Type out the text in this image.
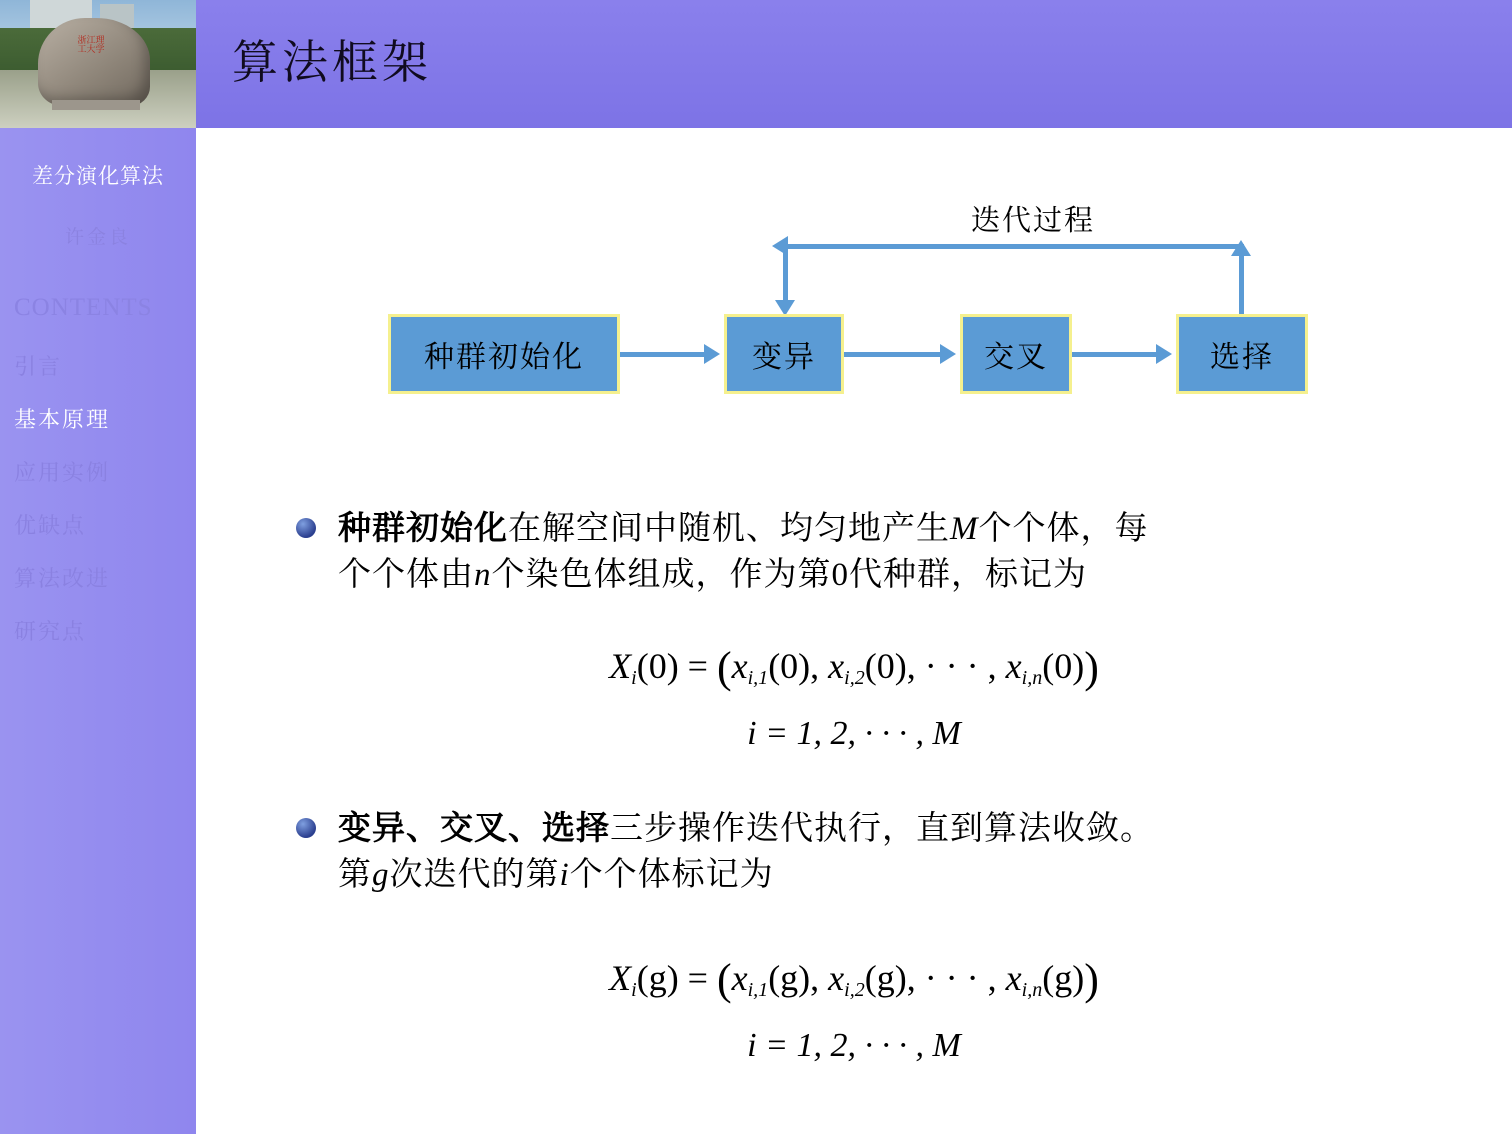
浙江理工大学
差分演化算法
许金良
CONTENTS
引言
基本原理
应用实例
优缺点
算法改进
研究点
算法框架
迭代过程
种群初始化	变异	交叉	选择
种群初始化在解空间中随机、均匀地产生M个个体，每
个个体由n个染色体组成，作为第0代种群，标记为
$X_i(0) = (x_{i,1}(0)$, $x_{i,2}(0)$, · · · , $x_{i,n}(0)$)
i = 1, 2, · · · , M
变异、交叉、选择三步操作迭代执行，直到算法收敛。
第g次迭代的第i个个体标记为
$X_i(g) = (x_{i,1}(g)$, $x_{i,2}(g)$, · · · , $x_{i,n}(g)$)
i = 1, 2, · · · , M
